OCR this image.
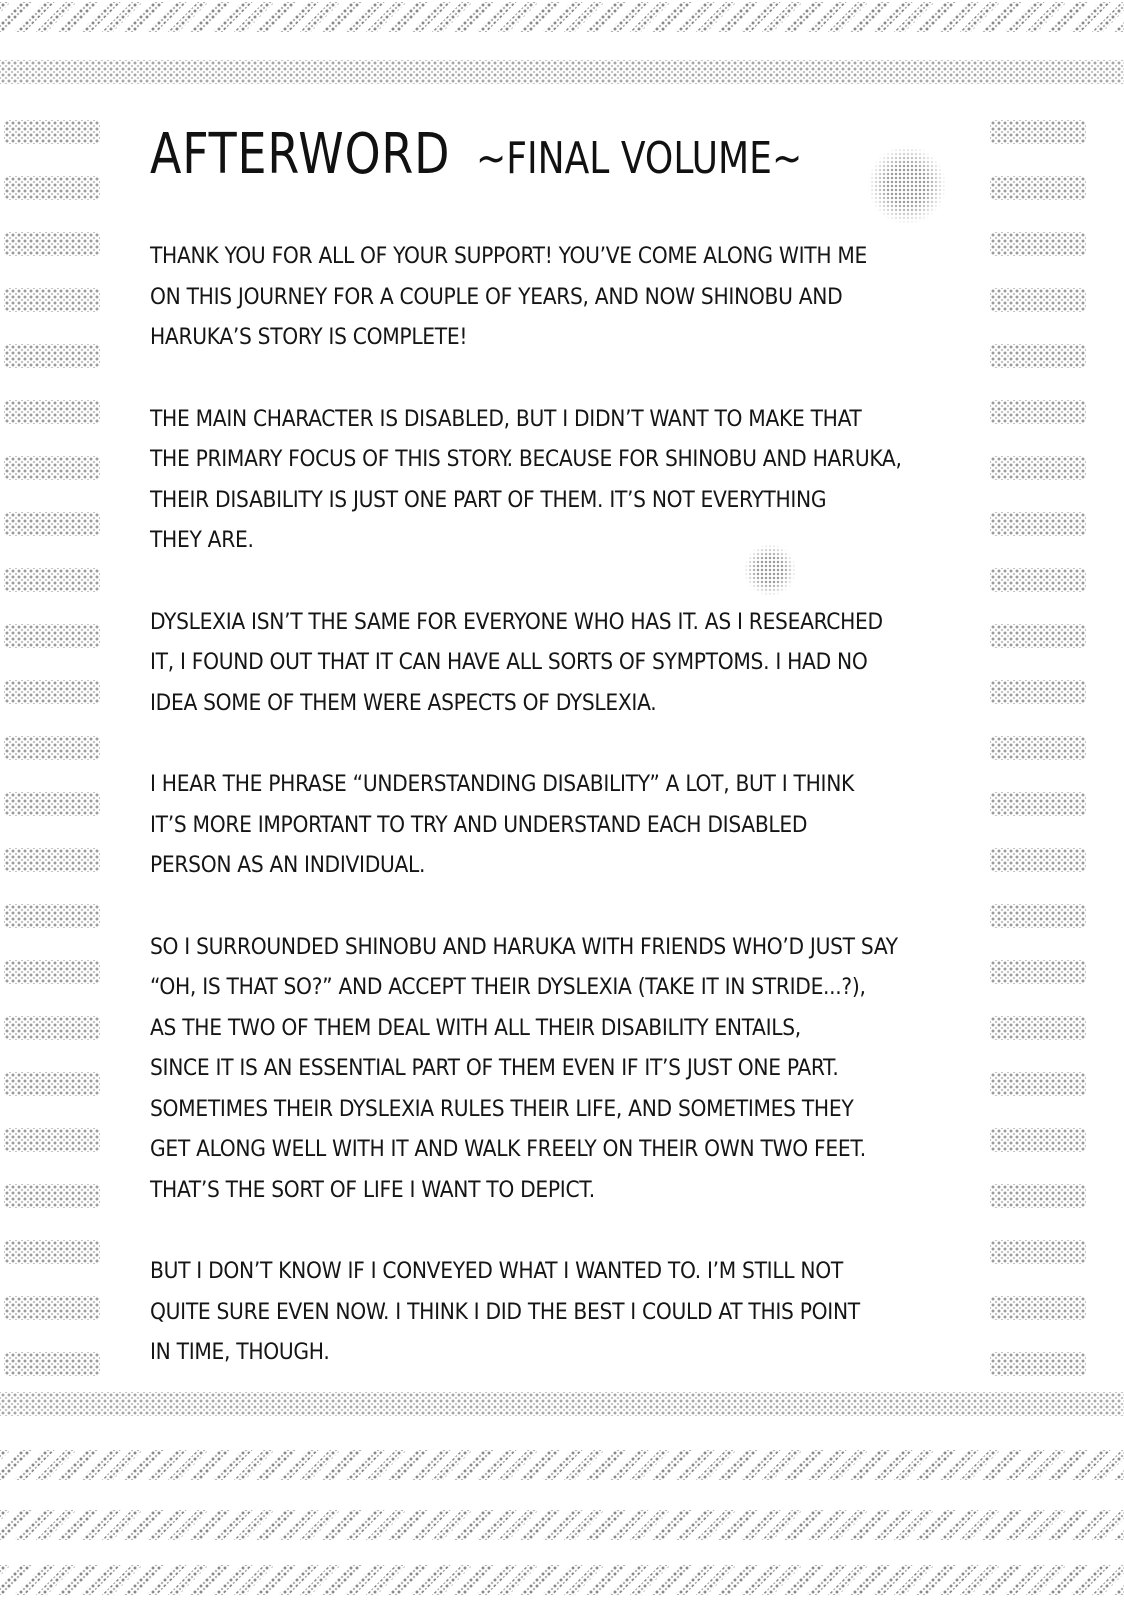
AFTERWORD ~FINAL VOLUME~

THANK YOU FOR ALL OF YOUR SUPPORT! YOU’VE COME ALONG WITH ME
ON THIS JOURNEY FOR A COUPLE OF YEARS, AND NOW SHINOBU AND
HARUKA’S STORY IS COMPLETE!

THE MAIN CHARACTER IS DISABLED, BUT I DIDN’T WANT TO MAKE THAT
THE PRIMARY FOCUS OF THIS STORY. BECAUSE FOR SHINOBU AND HARUKA,
THEIR DISABILITY IS JUST ONE PART OF THEM. IT’S NOT EVERYTHING
THEY ARE.

DYSLEXIA ISN’T THE SAME FOR EVERYONE WHO HAS IT. AS I RESEARCHED
IT, I FOUND OUT THAT IT CAN HAVE ALL SORTS OF SYMPTOMS. I HAD NO
IDEA SOME OF THEM WERE ASPECTS OF DYSLEXIA.

I HEAR THE PHRASE “UNDERSTANDING DISABILITY” A LOT, BUT I THINK
IT’S MORE IMPORTANT TO TRY AND UNDERSTAND EACH DISABLED
PERSON AS AN INDIVIDUAL.

SO I SURROUNDED SHINOBU AND HARUKA WITH FRIENDS WHO’D JUST SAY
“OH, IS THAT SO?” AND ACCEPT THEIR DYSLEXIA (TAKE IT IN STRIDE...?),
AS THE TWO OF THEM DEAL WITH ALL THEIR DISABILITY ENTAILS,
SINCE IT IS AN ESSENTIAL PART OF THEM EVEN IF IT’S JUST ONE PART.
SOMETIMES THEIR DYSLEXIA RULES THEIR LIFE, AND SOMETIMES THEY
GET ALONG WELL WITH IT AND WALK FREELY ON THEIR OWN TWO FEET.
THAT’S THE SORT OF LIFE I WANT TO DEPICT.

BUT I DON’T KNOW IF I CONVEYED WHAT I WANTED TO. I’M STILL NOT
QUITE SURE EVEN NOW. I THINK I DID THE BEST I COULD AT THIS POINT
IN TIME, THOUGH.
